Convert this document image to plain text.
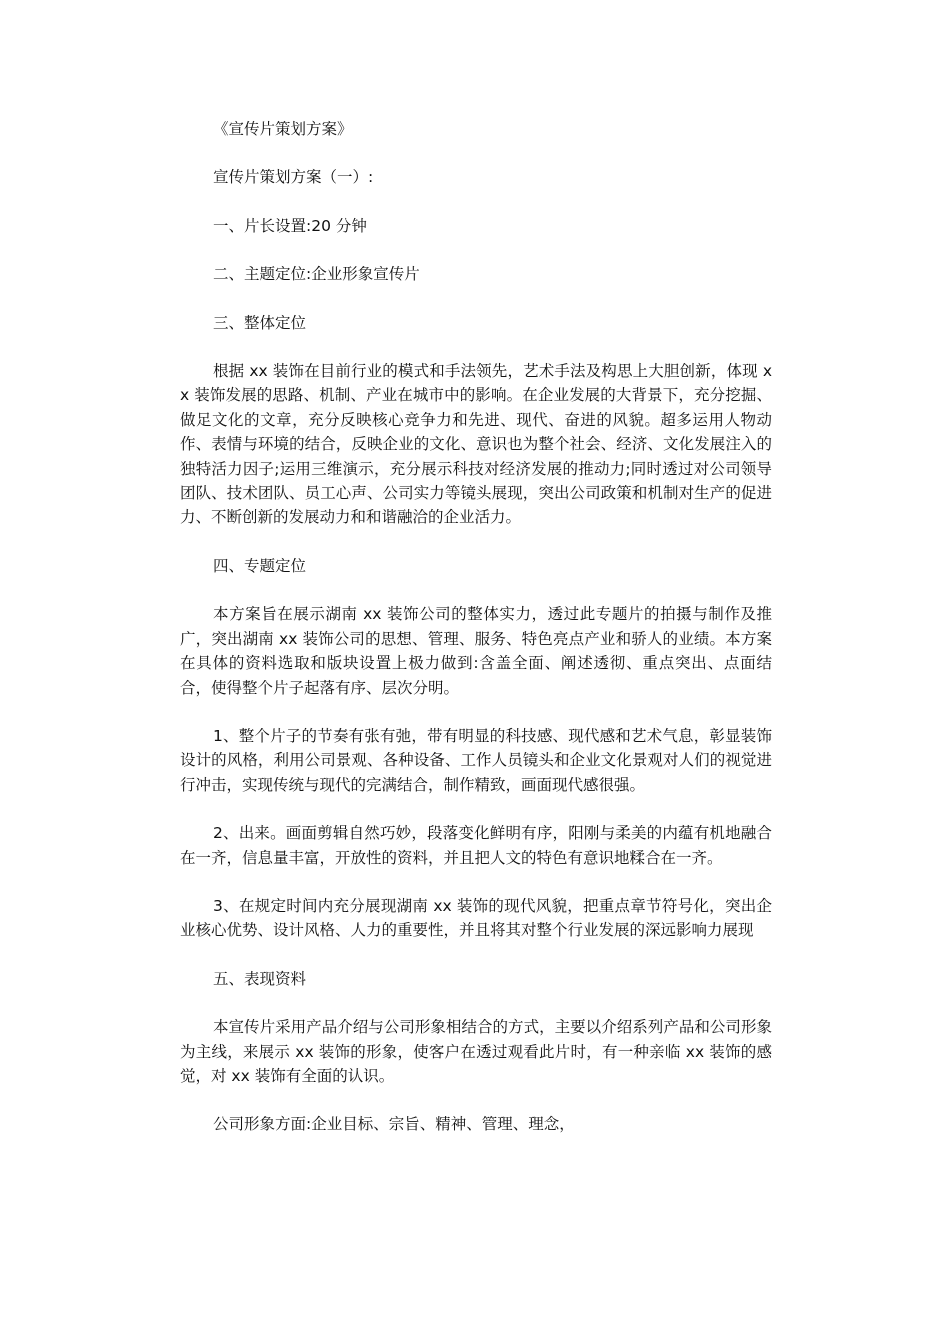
《宣传片策划方案》

宣传片策划方案（一）:

一、片长设置:20 分钟

二、主题定位:企业形象宣传片

三、整体定位

根据 xx 装饰在目前行业的模式和手法领先，艺术手法及构思上大胆创新，体现 xx 装饰发展的思路、机制、产业在城市中的影响。在企业发展的大背景下，充分挖掘、做足文化的文章，充分反映核心竞争力和先进、现代、奋进的风貌。超多运用人物动作、表情与环境的结合，反映企业的文化、意识也为整个社会、经济、文化发展注入的独特活力因子;运用三维演示，充分展示科技对经济发展的推动力;同时透过对公司领导团队、技术团队、员工心声、公司实力等镜头展现，突出公司政策和机制对生产的促进力、不断创新的发展动力和和谐融洽的企业活力。

四、专题定位

本方案旨在展示湖南 xx 装饰公司的整体实力，透过此专题片的拍摄与制作及推广，突出湖南 xx 装饰公司的思想、管理、服务、特色亮点产业和骄人的业绩。本方案在具体的资料选取和版块设置上极力做到:含盖全面、阐述透彻、重点突出、点面结合，使得整个片子起落有序、层次分明。

1、整个片子的节奏有张有弛，带有明显的科技感、现代感和艺术气息，彰显装饰设计的风格，利用公司景观、各种设备、工作人员镜头和企业文化景观对人们的视觉进行冲击，实现传统与现代的完满结合，制作精致，画面现代感很强。

2、出来。画面剪辑自然巧妙，段落变化鲜明有序，阳刚与柔美的内蕴有机地融合在一齐，信息量丰富，开放性的资料，并且把人文的特色有意识地糅合在一齐。

3、在规定时间内充分展现湖南 xx 装饰的现代风貌，把重点章节符号化，突出企业核心优势、设计风格、人力的重要性，并且将其对整个行业发展的深远影响力展现

五、表现资料

本宣传片采用产品介绍与公司形象相结合的方式，主要以介绍系列产品和公司形象为主线，来展示 xx 装饰的形象，使客户在透过观看此片时，有一种亲临 xx 装饰的感觉，对 xx 装饰有全面的认识。

公司形象方面:企业目标、宗旨、精神、管理、理念，
